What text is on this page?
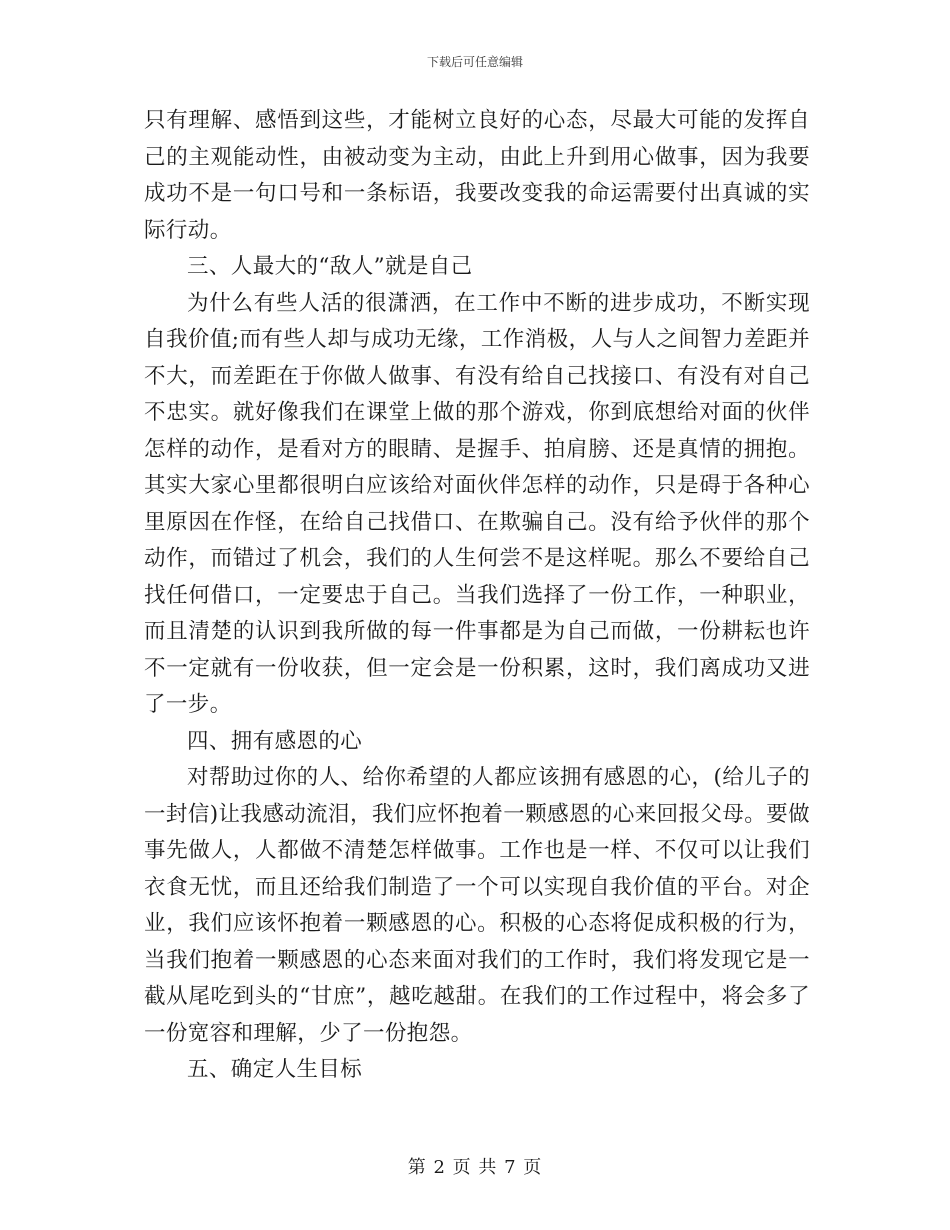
下载后可任意编辑

只有理解、感悟到这些，才能树立良好的心态，尽最大可能的发挥自己的主观能动性，由被动变为主动，由此上升到用心做事，因为我要成功不是一句口号和一条标语，我要改变我的命运需要付出真诚的实际行动。

三、人最大的“敌人”就是自己

为什么有些人活的很潇洒，在工作中不断的进步成功，不断实现自我价值;而有些人却与成功无缘，工作消极，人与人之间智力差距并不大，而差距在于你做人做事、有没有给自己找接口、有没有对自己不忠实。就好像我们在课堂上做的那个游戏，你到底想给对面的伙伴怎样的动作，是看对方的眼睛、是握手、拍肩膀、还是真情的拥抱。其实大家心里都很明白应该给对面伙伴怎样的动作，只是碍于各种心里原因在作怪，在给自己找借口、在欺骗自己。没有给予伙伴的那个动作，而错过了机会，我们的人生何尝不是这样呢。那么不要给自己找任何借口，一定要忠于自己。当我们选择了一份工作，一种职业，而且清楚的认识到我所做的每一件事都是为自己而做，一份耕耘也许不一定就有一份收获，但一定会是一份积累，这时，我们离成功又进了一步。

四、拥有感恩的心

对帮助过你的人、给你希望的人都应该拥有感恩的心，(给儿子的一封信)让我感动流泪，我们应怀抱着一颗感恩的心来回报父母。要做事先做人，人都做不清楚怎样做事。工作也是一样、不仅可以让我们衣食无忧，而且还给我们制造了一个可以实现自我价值的平台。对企业，我们应该怀抱着一颗感恩的心。积极的心态将促成积极的行为，当我们抱着一颗感恩的心态来面对我们的工作时，我们将发现它是一截从尾吃到头的“甘庶”，越吃越甜。在我们的工作过程中，将会多了一份宽容和理解，少了一份抱怨。

五、确定人生目标

第 2 页 共 7 页
